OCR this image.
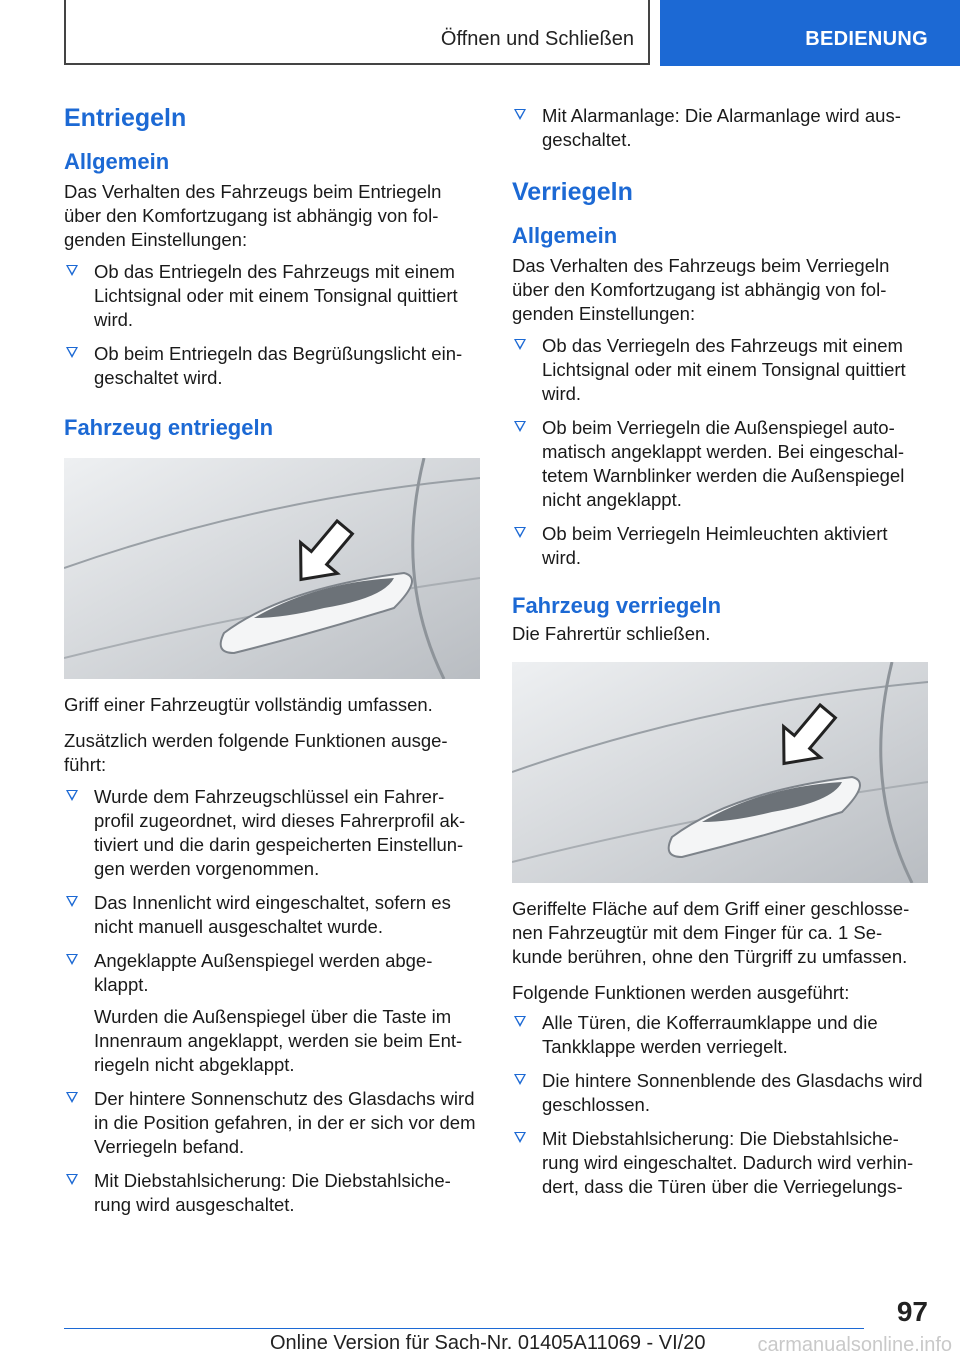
Öffnen und Schließen	BEDIENUNG
Entriegeln
Allgemein

Das Verhalten des Fahrzeugs beim Entriegeln über den Komfortzugang ist abhängig von fol-genden Einstellungen:

Ob das Entriegeln des Fahrzeugs mit einem Lichtsignal oder mit einem Tonsignal quittiert wird.
Ob beim Entriegeln das Begrüßungslicht ein-geschaltet wird.
Fahrzeug entriegeln

Griff einer Fahrzeugtür vollständig umfassen.

Zusätzlich werden folgende Funktionen ausge-führt:

Wurde dem Fahrzeugschlüssel ein Fahrer-profil zugeordnet, wird dieses Fahrerprofil ak-tiviert und die darin gespeicherten Einstellun-gen werden vorgenommen.
Das Innenlicht wird eingeschaltet, sofern es nicht manuell ausgeschaltet wurde.
Angeklappte Außenspiegel werden abge-klappt.
Wurden die Außenspiegel über die Taste im Innenraum angeklappt, werden sie beim Ent-riegeln nicht abgeklappt.
Der hintere Sonnenschutz des Glasdachs wird in die Position gefahren, in der er sich vor dem Verriegeln befand.
Mit Diebstahlsicherung: Die Diebstahlsiche-rung wird ausgeschaltet.
Mit Alarmanlage: Die Alarmanlage wird aus-geschaltet.
Verriegeln
Allgemein

Das Verhalten des Fahrzeugs beim Verriegeln über den Komfortzugang ist abhängig von fol-genden Einstellungen:

Ob das Verriegeln des Fahrzeugs mit einem Lichtsignal oder mit einem Tonsignal quittiert wird.
Ob beim Verriegeln die Außenspiegel auto-matisch angeklappt werden. Bei eingeschal-tetem Warnblinker werden die Außenspiegel nicht angeklappt.
Ob beim Verriegeln Heimleuchten aktiviert wird.
Fahrzeug verriegeln

Die Fahrertür schließen.

Geriffelte Fläche auf dem Griff einer geschlosse-nen Fahrzeugtür mit dem Finger für ca. 1 Se-kunde berühren, ohne den Türgriff zu umfassen.

Folgende Funktionen werden ausgeführt:

Alle Türen, die Kofferraumklappe und die Tankklappe werden verriegelt.
Die hintere Sonnenblende des Glasdachs wird geschlossen.
Mit Diebstahlsicherung: Die Diebstahlsiche-rung wird eingeschaltet. Dadurch wird verhin-dert, dass die Türen über die Verriegelungs-
97
Online Version für Sach-Nr. 01405A11069 - VI/20	carmanualsonline.info
